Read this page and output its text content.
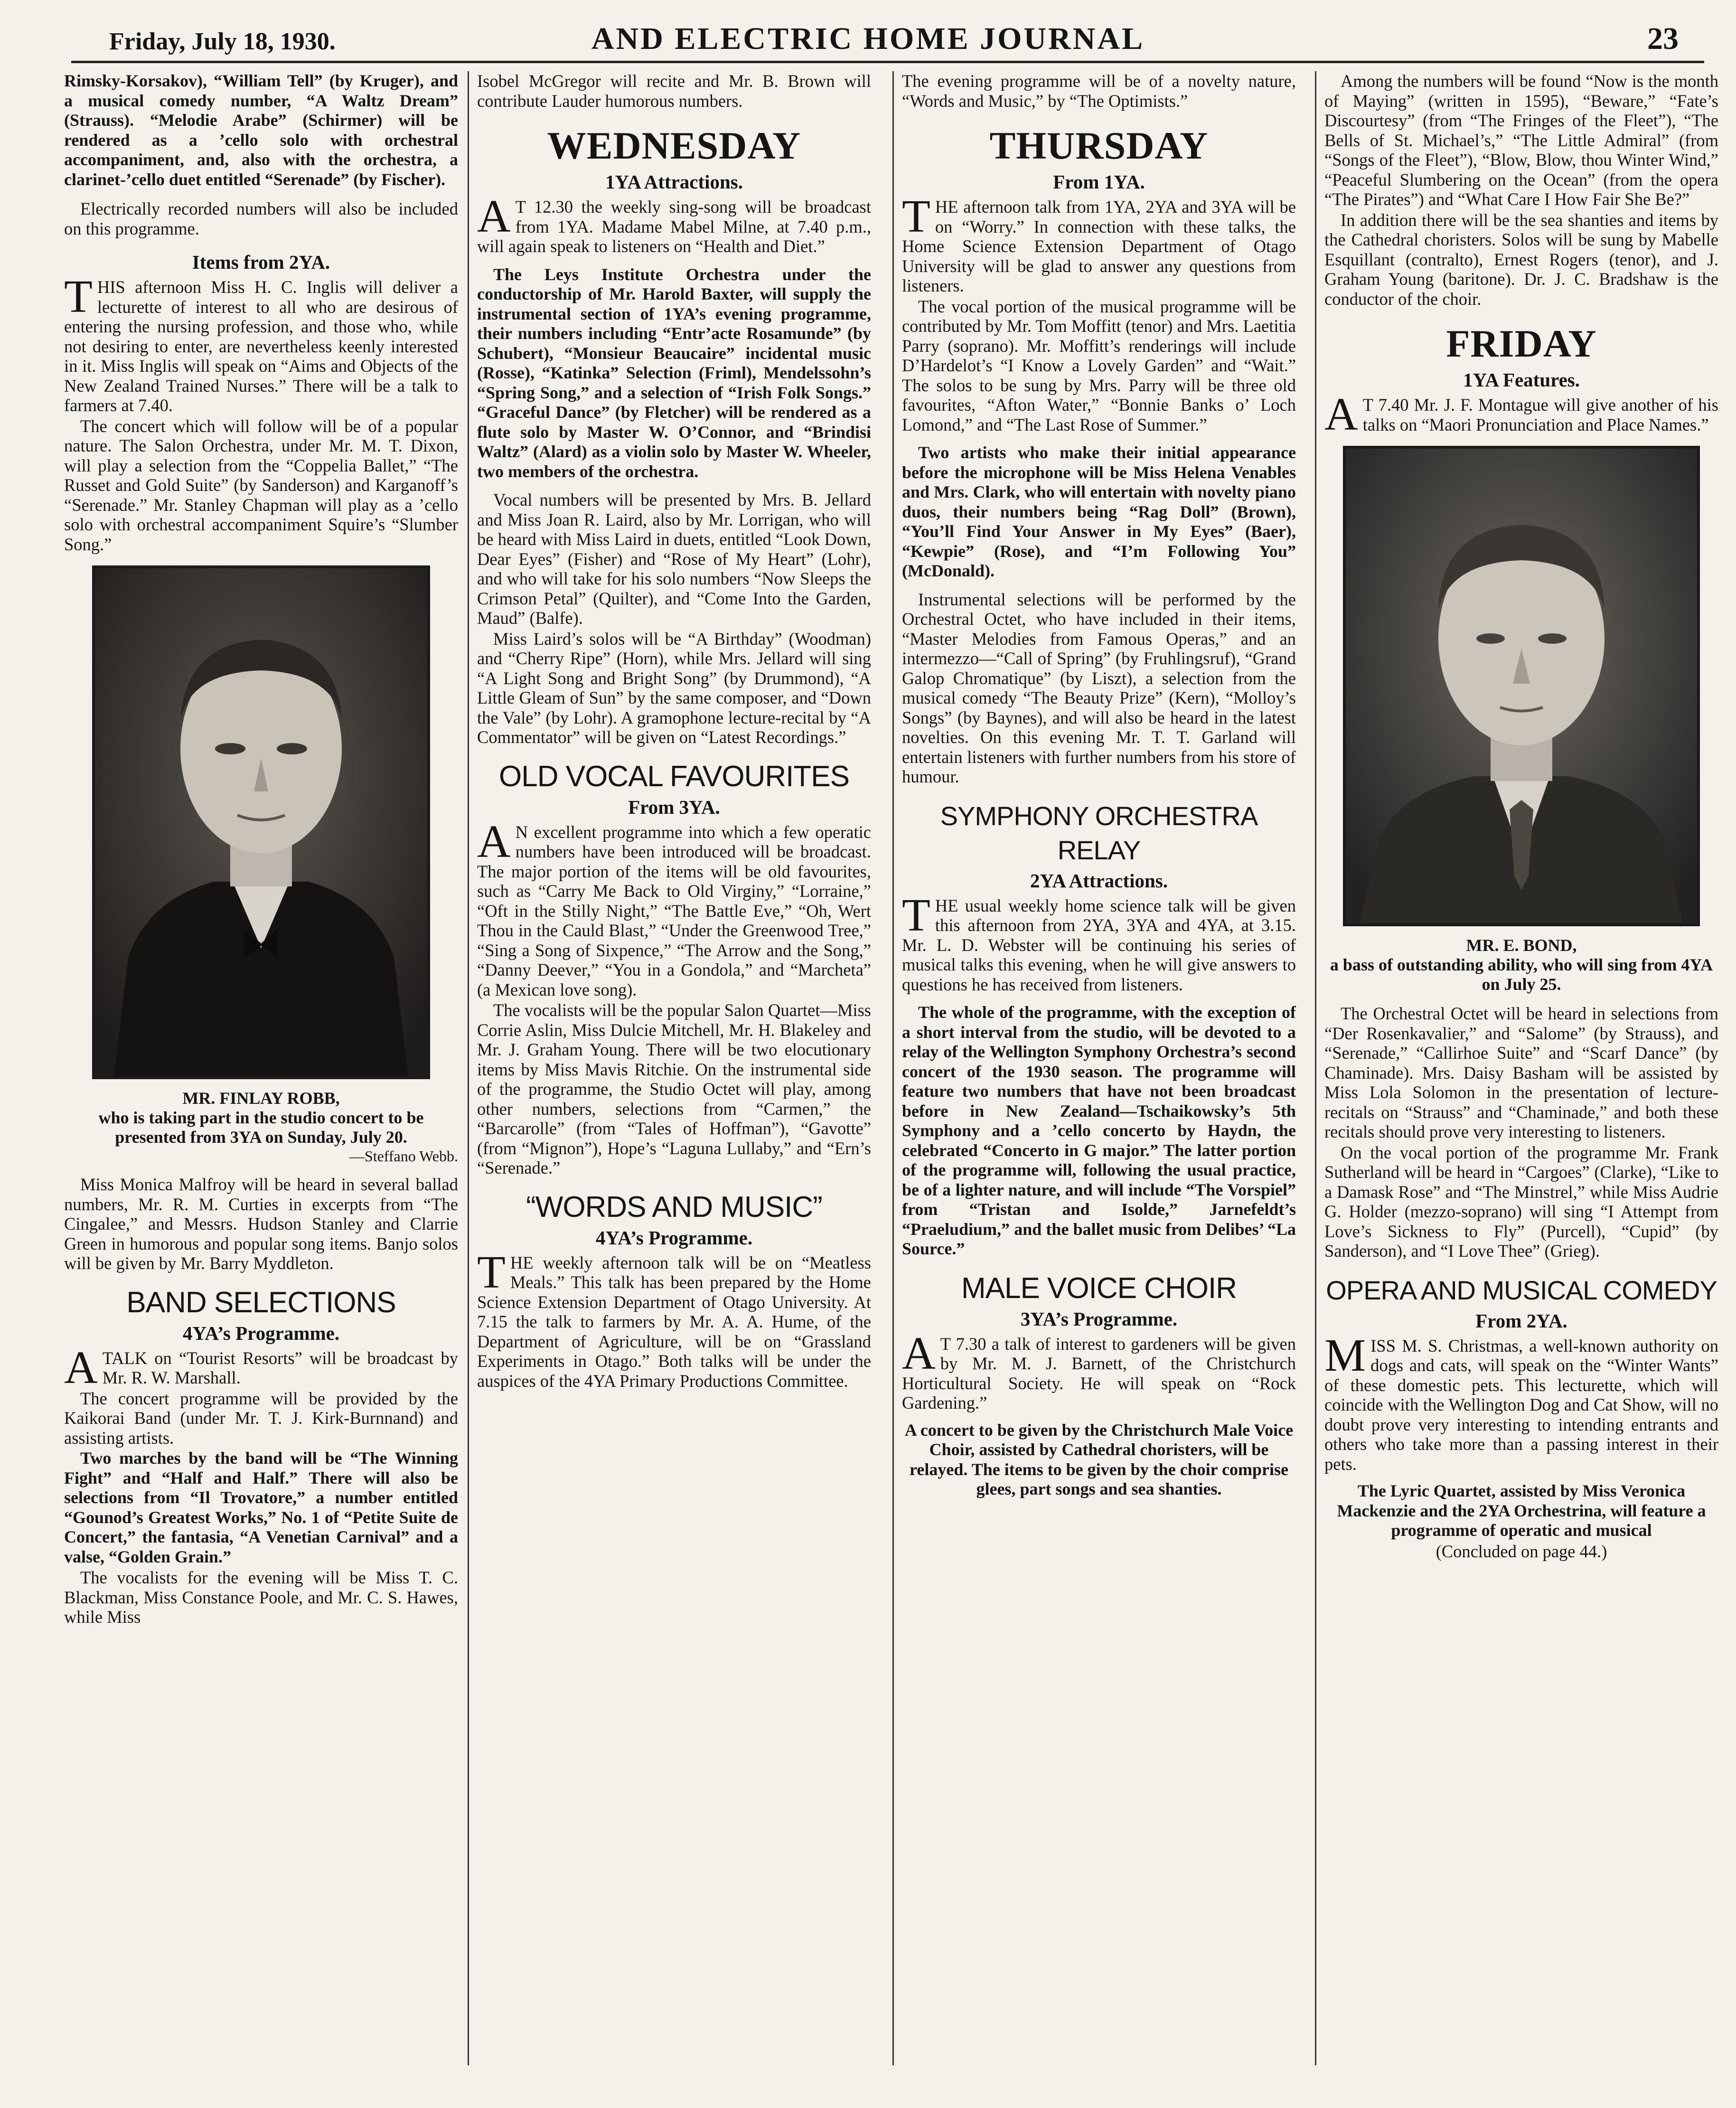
Friday, July 18, 1930.	AND ELECTRIC HOME JOURNAL	23

Rimsky-Korsakov), “William Tell” (by Kruger), and a musical comedy number, “A Waltz Dream” (Strauss). “Melodie Arabe” (Schirmer) will be rendered as a ’cello solo with orchestral accompaniment, and, also with the orchestra, a clarinet-’cello duet entitled “Serenade” (by Fischer).

Electrically recorded numbers will also be included on this programme.

Items from 2YA.

THIS afternoon Miss H. C. Inglis will deliver a lecturette of interest to all who are desirous of entering the nursing profession, and those who, while not desiring to enter, are nevertheless keenly interested in it. Miss Inglis will speak on “Aims and Objects of the New Zealand Trained Nurses.” There will be a talk to farmers at 7.40.

The concert which will follow will be of a popular nature. The Salon Orchestra, under Mr. M. T. Dixon, will play a selection from the “Coppelia Ballet,” “The Russet and Gold Suite” (by Sanderson) and Karganoff’s “Serenade.” Mr. Stanley Chapman will play as a ’cello solo with orchestral accompaniment Squire’s “Slumber Song.”

MR. FINLAY ROBB,
who is taking part in the studio concert to be presented from 3YA on Sunday, July 20.
—Steffano Webb.

Miss Monica Malfroy will be heard in several ballad numbers, Mr. R. M. Curties in excerpts from “The Cingalee,” and Messrs. Hudson Stanley and Clarrie Green in humorous and popular song items. Banjo solos will be given by Mr. Barry Myddleton.

BAND SELECTIONS
4YA’s Programme.

ATALK on “Tourist Resorts” will be broadcast by Mr. R. W. Marshall.

The concert programme will be provided by the Kaikorai Band (under Mr. T. J. Kirk-Burnnand) and assisting artists.

Two marches by the band will be “The Winning Fight” and “Half and Half.” There will also be selections from “Il Trovatore,” a number entitled “Gounod’s Greatest Works,” No. 1 of “Petite Suite de Concert,” the fantasia, “A Venetian Carnival” and a valse, “Golden Grain.”

The vocalists for the evening will be Miss T. C. Blackman, Miss Constance Poole, and Mr. C. S. Hawes, while Miss

Isobel McGregor will recite and Mr. B. Brown will contribute Lauder humorous numbers.

WEDNESDAY
1YA Attractions.

AT 12.30 the weekly sing-song will be broadcast from 1YA. Madame Mabel Milne, at 7.40 p.m., will again speak to listeners on “Health and Diet.”

The Leys Institute Orchestra under the conductorship of Mr. Harold Baxter, will supply the instrumental section of 1YA’s evening programme, their numbers including “Entr’acte Rosamunde” (by Schubert), “Monsieur Beaucaire” incidental music (Rosse), “Katinka” Selection (Friml), Mendelssohn’s “Spring Song,” and a selection of “Irish Folk Songs.” “Graceful Dance” (by Fletcher) will be rendered as a flute solo by Master W. O’Connor, and “Brindisi Waltz” (Alard) as a violin solo by Master W. Wheeler, two members of the orchestra.

Vocal numbers will be presented by Mrs. B. Jellard and Miss Joan R. Laird, also by Mr. Lorrigan, who will be heard with Miss Laird in duets, entitled “Look Down, Dear Eyes” (Fisher) and “Rose of My Heart” (Lohr), and who will take for his solo numbers “Now Sleeps the Crimson Petal” (Quilter), and “Come Into the Garden, Maud” (Balfe).

Miss Laird’s solos will be “A Birthday” (Woodman) and “Cherry Ripe” (Horn), while Mrs. Jellard will sing “A Light Song and Bright Song” (by Drummond), “A Little Gleam of Sun” by the same composer, and “Down the Vale” (by Lohr). A gramophone lecture-recital by “A Commentator” will be given on “Latest Recordings.”

OLD VOCAL FAVOURITES
From 3YA.

AN excellent programme into which a few operatic numbers have been introduced will be broadcast. The major portion of the items will be old favourites, such as “Carry Me Back to Old Virginy,” “Lorraine,” “Oft in the Stilly Night,” “The Battle Eve,” “Oh, Wert Thou in the Cauld Blast,” “Under the Greenwood Tree,” “Sing a Song of Sixpence,” “The Arrow and the Song,” “Danny Deever,” “You in a Gondola,” and “Marcheta” (a Mexican love song).

The vocalists will be the popular Salon Quartet—Miss Corrie Aslin, Miss Dulcie Mitchell, Mr. H. Blakeley and Mr. J. Graham Young. There will be two elocutionary items by Miss Mavis Ritchie. On the instrumental side of the programme, the Studio Octet will play, among other numbers, selections from “Carmen,” the “Barcarolle” (from “Tales of Hoffman”), “Gavotte” (from “Mignon”), Hope’s “Laguna Lullaby,” and “Ern’s “Serenade.”

“WORDS AND MUSIC”
4YA’s Programme.

THE weekly afternoon talk will be on “Meatless Meals.” This talk has been prepared by the Home Science Extension Department of Otago University. At 7.15 the talk to farmers by Mr. A. A. Hume, of the Department of Agriculture, will be on “Grassland Experiments in Otago.” Both talks will be under the auspices of the 4YA Primary Productions Committee.

The evening programme will be of a novelty nature, “Words and Music,” by “The Optimists.”

THURSDAY
From 1YA.

THE afternoon talk from 1YA, 2YA and 3YA will be on “Worry.” In connection with these talks, the Home Science Extension Department of Otago University will be glad to answer any questions from listeners.

The vocal portion of the musical programme will be contributed by Mr. Tom Moffitt (tenor) and Mrs. Laetitia Parry (soprano). Mr. Moffitt’s renderings will include D’Hardelot’s “I Know a Lovely Garden” and “Wait.” The solos to be sung by Mrs. Parry will be three old favourites, “Afton Water,” “Bonnie Banks o’ Loch Lomond,” and “The Last Rose of Summer.”

Two artists who make their initial appearance before the microphone will be Miss Helena Venables and Mrs. Clark, who will entertain with novelty piano duos, their numbers being “Rag Doll” (Brown), “You’ll Find Your Answer in My Eyes” (Baer), “Kewpie” (Rose), and “I’m Following You” (McDonald).

Instrumental selections will be performed by the Orchestral Octet, who have included in their items, “Master Melodies from Famous Operas,” and an intermezzo—“Call of Spring” (by Fruhlingsruf), “Grand Galop Chromatique” (by Liszt), a selection from the musical comedy “The Beauty Prize” (Kern), “Molloy’s Songs” (by Baynes), and will also be heard in the latest novelties. On this evening Mr. T. T. Garland will entertain listeners with further numbers from his store of humour.

SYMPHONY ORCHESTRA RELAY
2YA Attractions.

THE usual weekly home science talk will be given this afternoon from 2YA, 3YA and 4YA, at 3.15. Mr. L. D. Webster will be continuing his series of musical talks this evening, when he will give answers to questions he has received from listeners.

The whole of the programme, with the exception of a short interval from the studio, will be devoted to a relay of the Wellington Symphony Orchestra’s second concert of the 1930 season. The programme will feature two numbers that have not been broadcast before in New Zealand—Tschaikowsky’s 5th Symphony and a ’cello concerto by Haydn, the celebrated “Concerto in G major.” The latter portion of the programme will, following the usual practice, be of a lighter nature, and will include “The Vorspiel” from “Tristan and Isolde,” Jarnefeldt’s “Praeludium,” and the ballet music from Delibes’ “La Source.”

MALE VOICE CHOIR
3YA’s Programme.

AT 7.30 a talk of interest to gardeners will be given by Mr. M. J. Barnett, of the Christchurch Horticultural Society. He will speak on “Rock Gardening.”

A concert to be given by the Christchurch Male Voice Choir, assisted by Cathedral choristers, will be relayed. The items to be given by the choir comprise glees, part songs and sea shanties.

Among the numbers will be found “Now is the month of Maying” (written in 1595), “Beware,” “Fate’s Discourtesy” (from “The Fringes of the Fleet”), “The Bells of St. Michael’s,” “The Little Admiral” (from “Songs of the Fleet”), “Blow, Blow, thou Winter Wind,” “Peaceful Slumbering on the Ocean” (from the opera “The Pirates”) and “What Care I How Fair She Be?”

In addition there will be the sea shanties and items by the Cathedral choristers. Solos will be sung by Mabelle Esquillant (contralto), Ernest Rogers (tenor), and J. Graham Young (baritone). Dr. J. C. Bradshaw is the conductor of the choir.

FRIDAY
1YA Features.

AT 7.40 Mr. J. F. Montague will give another of his talks on “Maori Pronunciation and Place Names.”

MR. E. BOND,
a bass of outstanding ability, who will sing from 4YA on July 25.

The Orchestral Octet will be heard in selections from “Der Rosenkavalier,” and “Salome” (by Strauss), and “Serenade,” “Callirhoe Suite” and “Scarf Dance” (by Chaminade). Mrs. Daisy Basham will be assisted by Miss Lola Solomon in the presentation of lecture-recitals on “Strauss” and “Chaminade,” and both these recitals should prove very interesting to listeners.

On the vocal portion of the programme Mr. Frank Sutherland will be heard in “Cargoes” (Clarke), “Like to a Damask Rose” and “The Minstrel,” while Miss Audrie G. Holder (mezzo-soprano) will sing “I Attempt from Love’s Sickness to Fly” (Purcell), “Cupid” (by Sanderson), and “I Love Thee” (Grieg).

OPERA AND MUSICAL COMEDY
From 2YA.

MISS M. S. Christmas, a well-known authority on dogs and cats, will speak on the “Winter Wants” of these domestic pets. This lecturette, which will coincide with the Wellington Dog and Cat Show, will no doubt prove very interesting to intending entrants and others who take more than a passing interest in their pets.

The Lyric Quartet, assisted by Miss Veronica Mackenzie and the 2YA Orchestrina, will feature a programme of operatic and musical

(Concluded on page 44.)
